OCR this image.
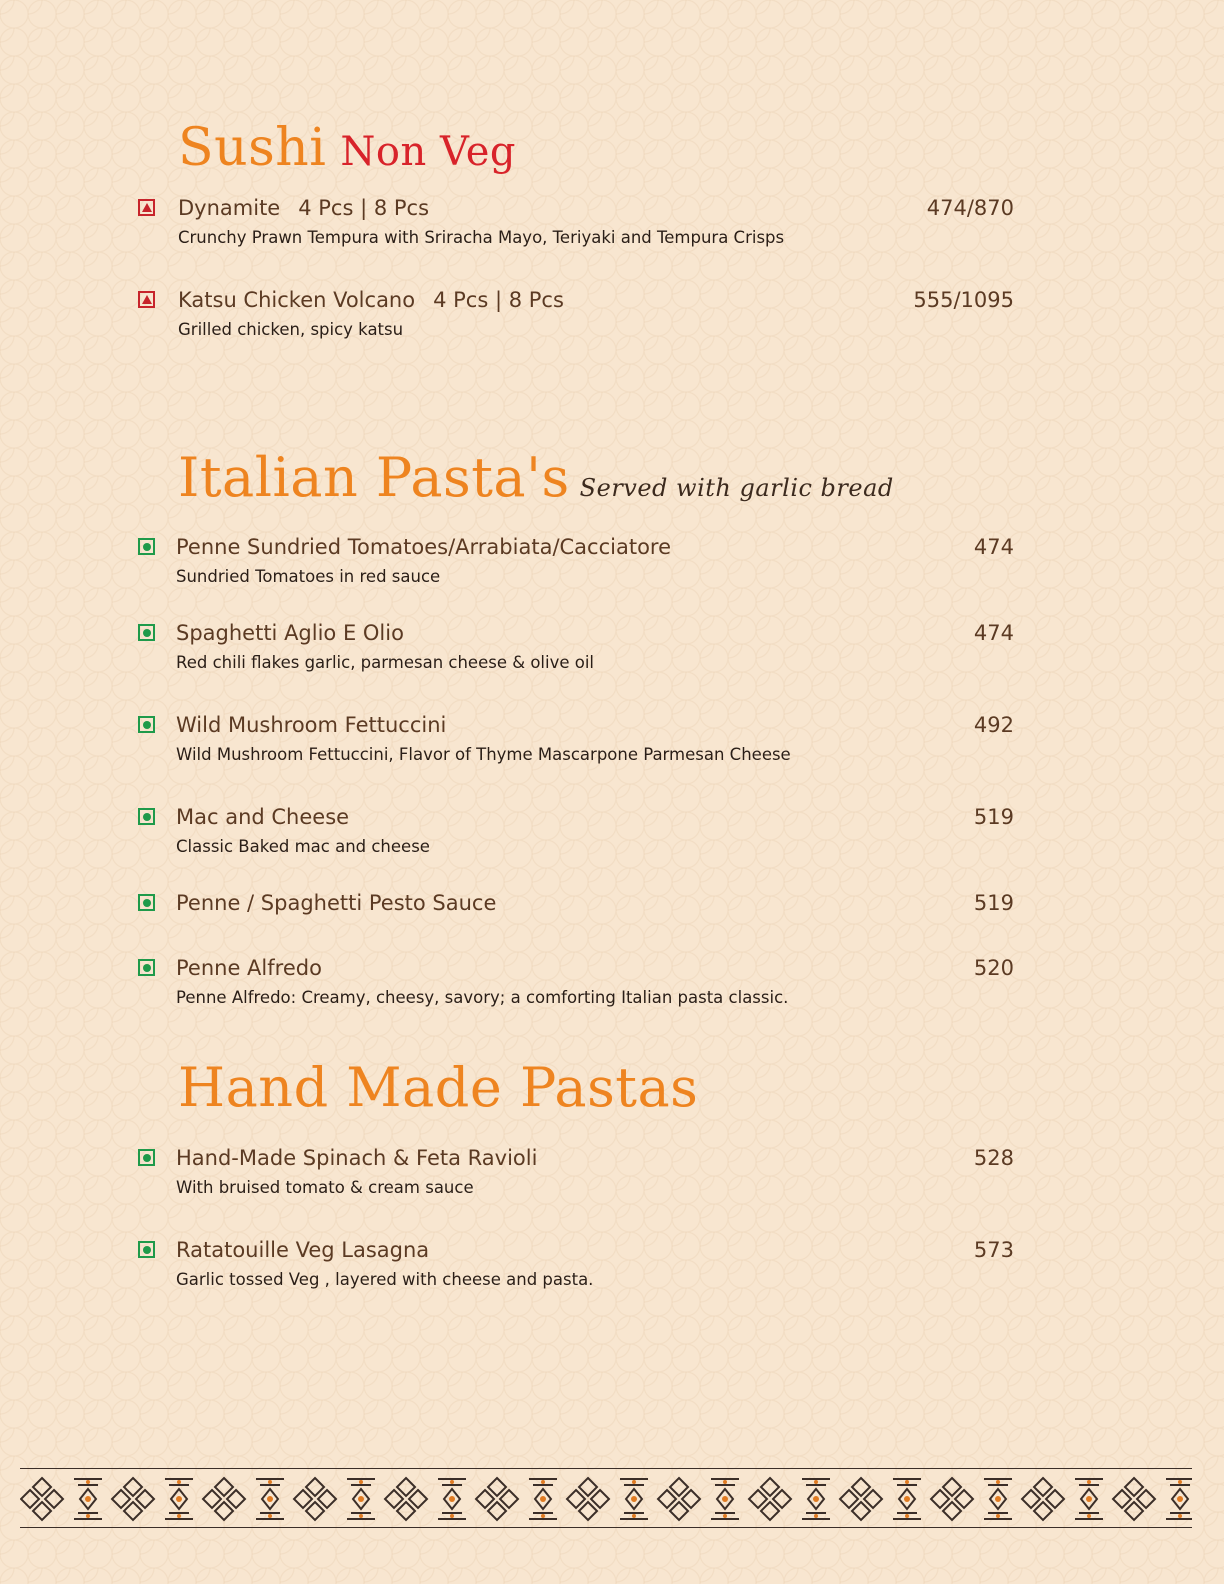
Sushi Non Veg
Dynamite 4 Pcs | 8 Pcs	474/870
Crunchy Prawn Tempura with Sriracha Mayo, Teriyaki and Tempura Crisps
Katsu Chicken Volcano 4 Pcs | 8 Pcs	555/1095
Grilled chicken, spicy katsu
Italian Pasta's Served with garlic bread
Penne Sundried Tomatoes/Arrabiata/Cacciatore	474
Sundried Tomatoes in red sauce
Spaghetti Aglio E Olio	474
Red chili flakes garlic, parmesan cheese & olive oil
Wild Mushroom Fettuccini	492
Wild Mushroom Fettuccini, Flavor of Thyme Mascarpone Parmesan Cheese
Mac and Cheese	519
Classic Baked mac and cheese
Penne / Spaghetti Pesto Sauce	519
Penne Alfredo	520
Penne Alfredo: Creamy, cheesy, savory; a comforting Italian pasta classic.
Hand Made Pastas
Hand-Made Spinach & Feta Ravioli	528
With bruised tomato & cream sauce
Ratatouille Veg Lasagna	573
Garlic tossed Veg , layered with cheese and pasta.
